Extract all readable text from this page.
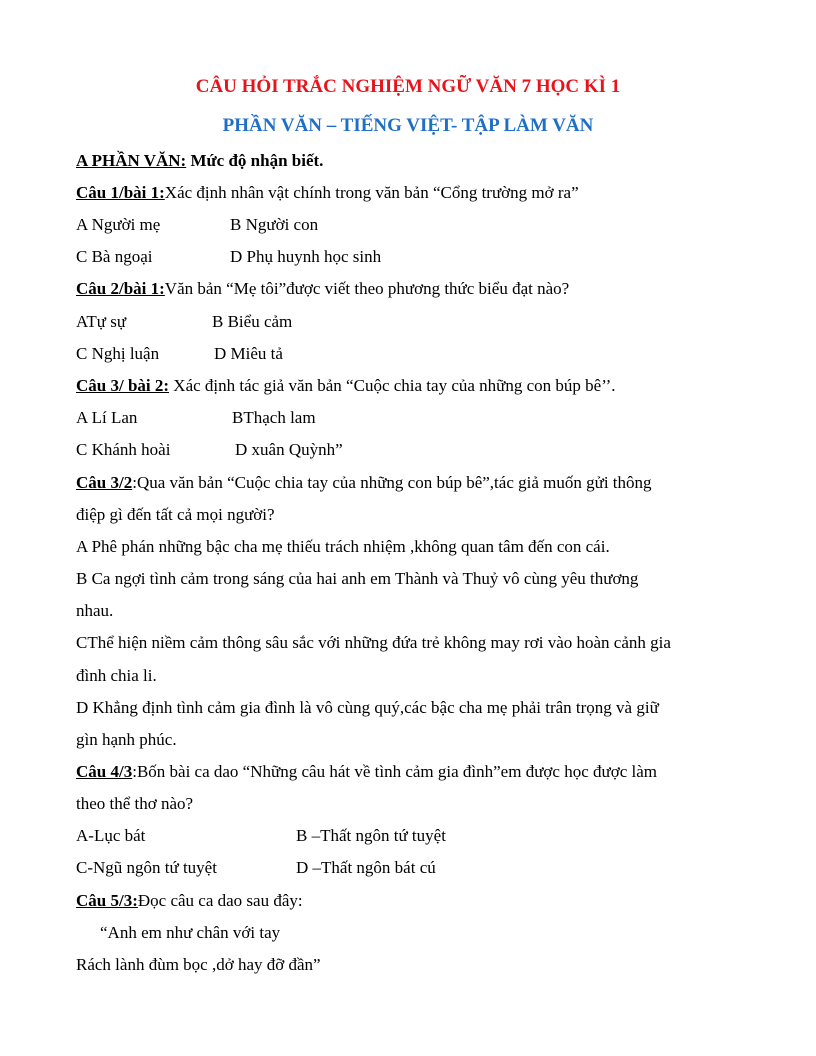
CÂU HỎI TRẮC NGHIỆM NGỮ VĂN 7 HỌC KÌ 1

PHẦN VĂN – TIẾNG VIỆT- TẬP LÀM VĂN

A PHẦN VĂN: Mức độ nhận biết.

Câu 1/bài 1:Xác định nhân vật chính trong văn bản “Cổng trường mở ra”

A Người mẹ	B Người con

C Bà ngoại	D Phụ huynh học sinh

Câu 2/bài 1:Văn bản “Mẹ tôi”được viết theo phương thức biểu đạt nào?

ATự sự	B Biểu cảm

C Nghị luận	D Miêu tả

Câu 3/ bài 2: Xác định tác giả văn bản “Cuộc chia tay của những con búp bê’’.

A Lí Lan	BThạch lam

C Khánh hoài	D xuân Quỳnh”

Câu 3/2:Qua văn bản “Cuộc chia tay của những con búp bê”,tác giả muốn gửi thông

điệp gì đến tất cả mọi người?

A Phê phán những bậc cha mẹ thiếu trách nhiệm ,không quan tâm đến con cái.

B Ca ngợi tình cảm trong sáng của hai anh em Thành và Thuỷ vô cùng yêu thương

nhau.

CThể hiện niềm cảm thông sâu sắc với những đứa trẻ không may rơi vào hoàn cảnh gia

đình chia li.

D Khẳng định tình cảm gia đình là vô cùng quý,các bậc cha mẹ phải trân trọng và giữ

gìn hạnh phúc.

Câu 4/3:Bốn bài ca dao “Những câu hát về tình cảm gia đình”em được học được làm

theo thể thơ nào?

A-Lục bát	B –Thất ngôn tứ tuyệt

C-Ngũ ngôn tứ tuyệt	D –Thất ngôn bát cú

Câu 5/3:Đọc câu ca dao sau đây:

“Anh em như chân với tay

Rách lành đùm bọc ,dở hay đỡ đần”
